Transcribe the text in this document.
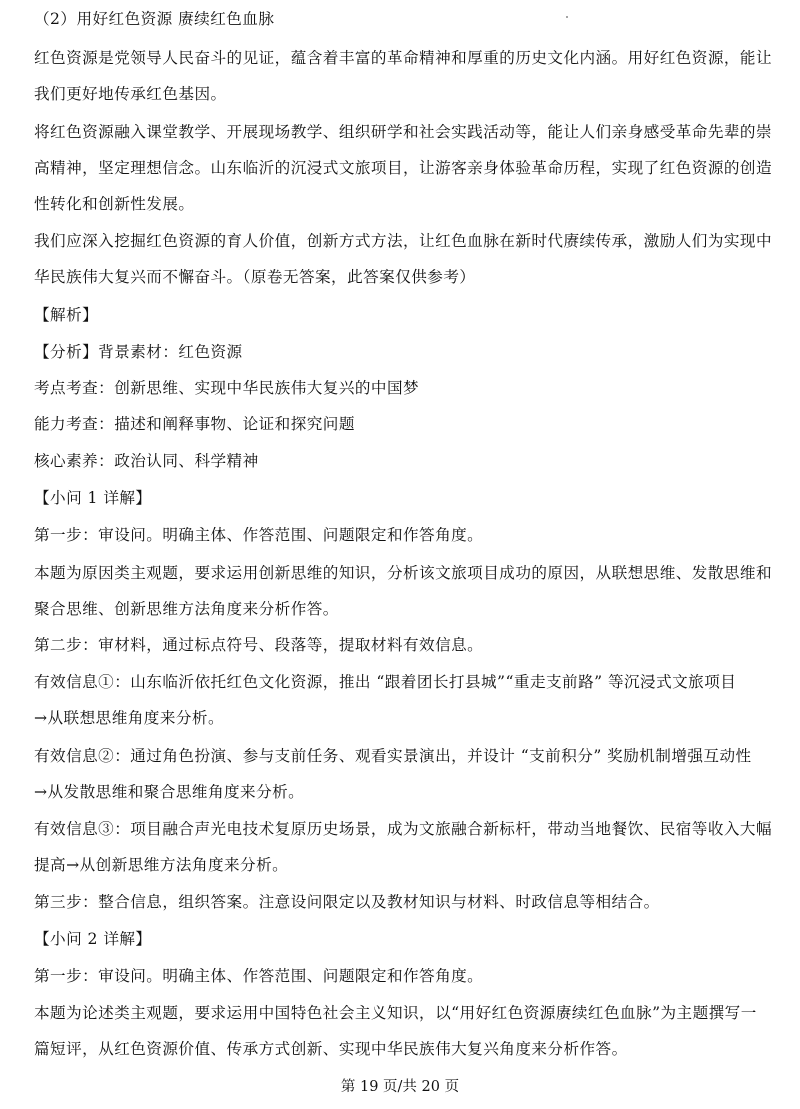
（2）用好红色资源 赓续红色血脉
红色资源是党领导人民奋斗的见证，蕴含着丰富的革命精神和厚重的历史文化内涵。用好红色资源，能让
我们更好地传承红色基因。
将红色资源融入课堂教学、开展现场教学、组织研学和社会实践活动等，能让人们亲身感受革命先辈的崇
高精神，坚定理想信念。山东临沂的沉浸式文旅项目，让游客亲身体验革命历程，实现了红色资源的创造
性转化和创新性发展。
我们应深入挖掘红色资源的育人价值，创新方式方法，让红色血脉在新时代赓续传承，激励人们为实现中
华民族伟大复兴而不懈奋斗。（原卷无答案，此答案仅供参考）
【解析】
【分析】背景素材：红色资源
考点考查：创新思维、实现中华民族伟大复兴的中国梦
能力考查：描述和阐释事物、论证和探究问题
核心素养：政治认同、科学精神
【小问 1 详解】
第一步：审设问。明确主体、作答范围、问题限定和作答角度。
本题为原因类主观题，要求运用创新思维的知识，分析该文旅项目成功的原因，从联想思维、发散思维和
聚合思维、创新思维方法角度来分析作答。
第二步：审材料，通过标点符号、段落等，提取材料有效信息。
有效信息①：山东临沂依托红色文化资源，推出 “跟着团长打县城”“重走支前路” 等沉浸式文旅项目
→从联想思维角度来分析。
有效信息②：通过角色扮演、参与支前任务、观看实景演出，并设计 “支前积分” 奖励机制增强互动性
→从发散思维和聚合思维角度来分析。
有效信息③：项目融合声光电技术复原历史场景，成为文旅融合新标杆，带动当地餐饮、民宿等收入大幅
提高→从创新思维方法角度来分析。
第三步：整合信息，组织答案。注意设问限定以及教材知识与材料、时政信息等相结合。
【小问 2 详解】
第一步：审设问。明确主体、作答范围、问题限定和作答角度。
本题为论述类主观题，要求运用中国特色社会主义知识，以“用好红色资源赓续红色血脉”为主题撰写一
篇短评，从红色资源价值、传承方式创新、实现中华民族伟大复兴角度来分析作答。
第 19 页/共 20 页
